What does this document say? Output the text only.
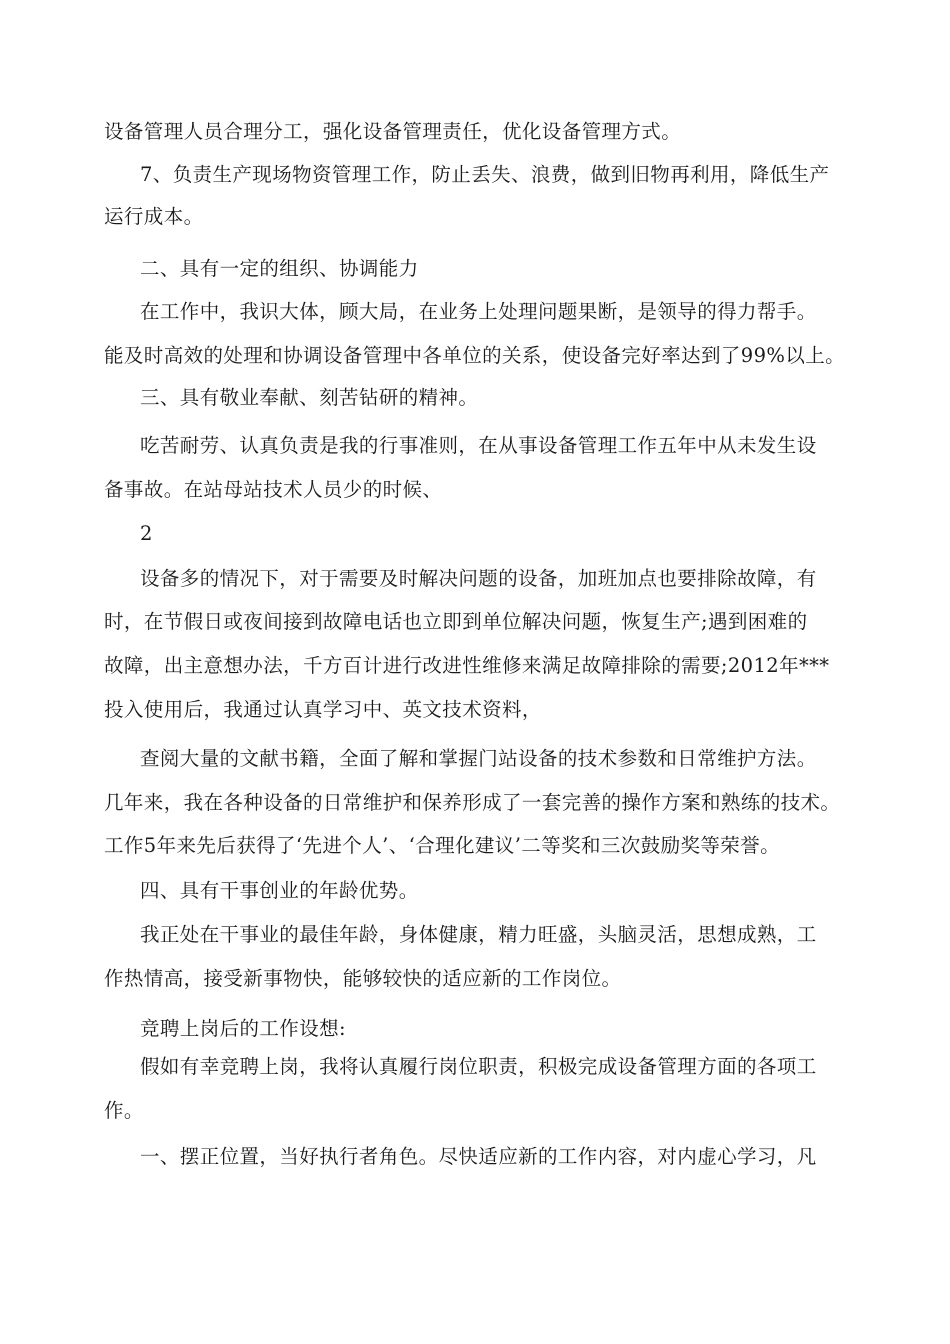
设备管理人员合理分工，强化设备管理责任，优化设备管理方式。
7、负责生产现场物资管理工作，防止丢失、浪费，做到旧物再利用，降低生产
运行成本。
二、具有一定的组织、协调能力
在工作中，我识大体，顾大局，在业务上处理问题果断，是领导的得力帮手。
能及时高效的处理和协调设备管理中各单位的关系，使设备完好率达到了99%以上。
三、具有敬业奉献、刻苦钻研的精神。
吃苦耐劳、认真负责是我的行事准则，在从事设备管理工作五年中从未发生设
备事故。在站母站技术人员少的时候、
2
设备多的情况下，对于需要及时解决问题的设备，加班加点也要排除故障，有
时，在节假日或夜间接到故障电话也立即到单位解决问题，恢复生产;遇到困难的
故障，出主意想办法，千方百计进行改进性维修来满足故障排除的需要;2012年***
投入使用后，我通过认真学习中、英文技术资料，
查阅大量的文献书籍，全面了解和掌握门站设备的技术参数和日常维护方法。
几年来，我在各种设备的日常维护和保养形成了一套完善的操作方案和熟练的技术。
工作5年来先后获得了‘先进个人’、‘合理化建议’二等奖和三次鼓励奖等荣誉。
四、具有干事创业的年龄优势。
我正处在干事业的最佳年龄，身体健康，精力旺盛，头脑灵活，思想成熟，工
作热情高，接受新事物快，能够较快的适应新的工作岗位。
竞聘上岗后的工作设想:
假如有幸竞聘上岗，我将认真履行岗位职责，积极完成设备管理方面的各项工
作。
一、摆正位置，当好执行者角色。尽快适应新的工作内容，对内虚心学习，凡
